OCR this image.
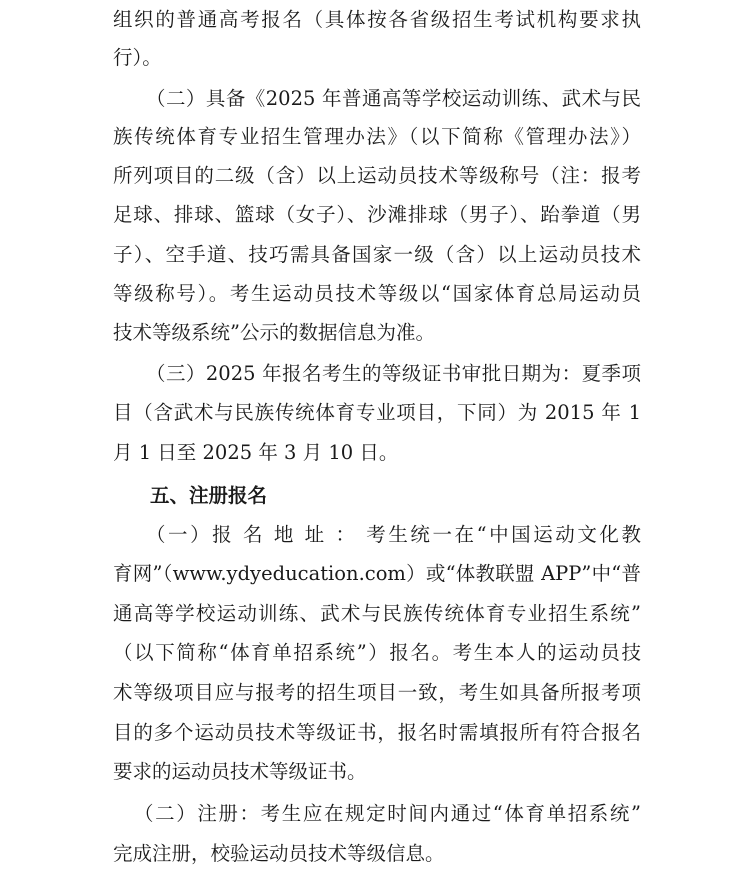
组织的普通高考报名（具体按各省级招生考试机构要求执
行）。
（二）具备《2025 年普通高等学校运动训练、武术与民
族传统体育专业招生管理办法》（以下简称《管理办法》）
所列项目的二级（含）以上运动员技术等级称号（注：报考
足球、排球、篮球（女子）、沙滩排球（男子）、跆拳道（男
子）、空手道、技巧需具备国家一级（含）以上运动员技术
等级称号）。考生运动员技术等级以“国家体育总局运动员
技术等级系统”公示的数据信息为准。
（三）2025 年报名考生的等级证书审批日期为：夏季项
目（含武术与民族传统体育专业项目，下同）为 2015 年 1
月 1 日至 2025 年 3 月 10 日。
五、注册报名
（一）报 名 地 址 ： 考生统一在“中国运动文化教
育网”（www.ydyeducation.com）或“体教联盟 APP”中“普
通高等学校运动训练、武术与民族传统体育专业招生系统”
（以下简称“体育单招系统”）报名。考生本人的运动员技
术等级项目应与报考的招生项目一致，考生如具备所报考项
目的多个运动员技术等级证书，报名时需填报所有符合报名
要求的运动员技术等级证书。
（二）注册：考生应在规定时间内通过“体育单招系统”
完成注册，校验运动员技术等级信息。
